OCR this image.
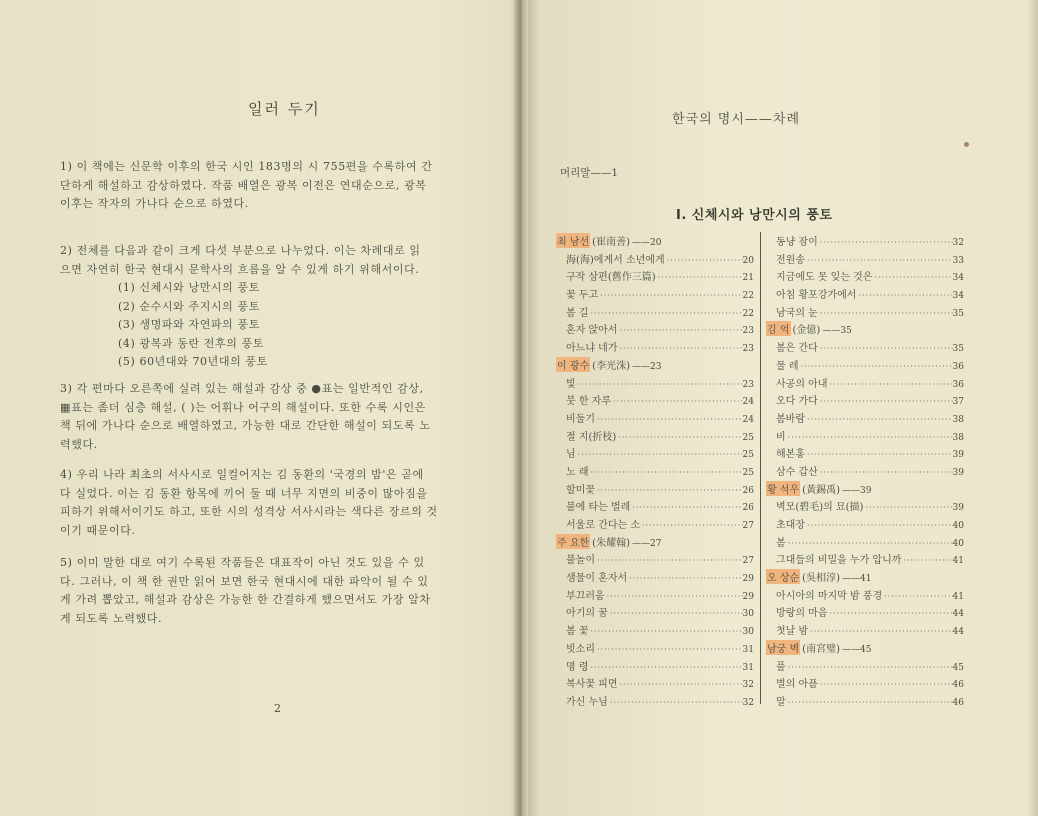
일러 두기

1) 이 책에는 신문학 이후의 한국 시인 183명의 시 755편을 수록하여 간

단하게 해설하고 감상하였다. 작품 배열은 광복 이전은 연대순으로, 광복

이후는 작자의 가나다 순으로 하였다.

2) 전체를 다음과 같이 크게 다섯 부분으로 나누었다. 이는 차례대로 읽

으면 자연히 한국 현대시 문학사의 흐름을 알 수 있게 하기 위해서이다.

(1) 신체시와 낭만시의 풍토

(2) 순수시와 주지시의 풍토

(3) 생명파와 자연파의 풍토

(4) 광복과 동란 전후의 풍토

(5) 60년대와 70년대의 풍토

3) 각 편마다 오른쪽에 실려 있는 해설과 감상 중 ●표는 일반적인 감상,

▦표는 좀더 심층 해설, ( )는 어휘나 어구의 해설이다. 또한 수록 시인은

책 뒤에 가나다 순으로 배열하였고, 가능한 대로 간단한 해설이 되도록 노

력했다.

4) 우리 나라 최초의 서사시로 일컬어지는 김 동환의 '국경의 밤'은 곧에

다 실었다. 이는 김 동환 항목에 끼어 둘 때 너무 지면의 비중이 많아짐을

피하기 위해서이기도 하고, 또한 시의 성격상 서사시라는 색다른 장르의 것

이기 때문이다.

5) 이미 말한 대로 여기 수록된 작품들은 대표작이 아닌 것도 있을 수 있

다. 그러나, 이 책 한 권만 읽어 보면 한국 현대시에 대한 파악이 될 수 있

게 가려 뽑았고, 해설과 감상은 가능한 한 간결하게 했으면서도 가장 알차

게 되도록 노력했다.

2
한국의 명시——차례
머리말——1
I. 신체시와 낭만시의 풍토
최 남선 (崔南善) ——20
海(海)에게서 소년에게 ·····	20
구작 삼편(舊作三篇) ·····	21
꽃 두고 ·····	22
봄 길 ·····	22
혼자 앉아서 ·····	23
아느냐 네가 ·····	23
이 광수 (李光洙) ——23
빛 ·····	23
붓 한 자루 ·····	24
비둘기 ·····	24
절 지(折枝) ·····	25
님 ·····	25
노 래 ·····	25
할미꽃 ·····	26
불에 타는 벌레 ·····	26
서울로 간다는 소 ·····	27
주 요한 (朱耀翰) ——27
불놀이 ·····	27
샘물이 혼자서 ·····	29
부끄러움 ·····	29
아기의 꿈 ·····	30
봄 꽃 ·····	30
빗소리 ·····	31
명 령 ·····	31
복사꽃 피면 ·····	32
가신 누님 ·····	32
동냥 잠이 ·····	32
전원송 ·····	33
지금에도 못 잊는 것은 ·····	34
아침 황포강가에서 ·····	34
남국의 눈 ·····	35
김 억 (金億) ——35
봄은 간다 ·····	35
물 레 ·····	36
사공의 아내 ·····	36
오다 가다 ·····	37
봄바람 ·····	38
비 ·····	38
해본홍 ·····	39
삼수 갑산 ·····	39
황 석우 (黃錫禹) ——39
벽모(碧毛)의 묘(描) ·····	39
초대장 ·····	40
봄 ·····	40
그대들의 비밀을 누가 압니까 ·····	41
오 상순 (吳相淳) ——41
아시아의 마지막 밤 풍경 ·····	41
방랑의 마음 ·····	44
첫날 밤 ·····	44
남궁 벽 (南宮璧) ——45
풀 ·····	45
별의 아픔 ·····	46
말 ·····	46
